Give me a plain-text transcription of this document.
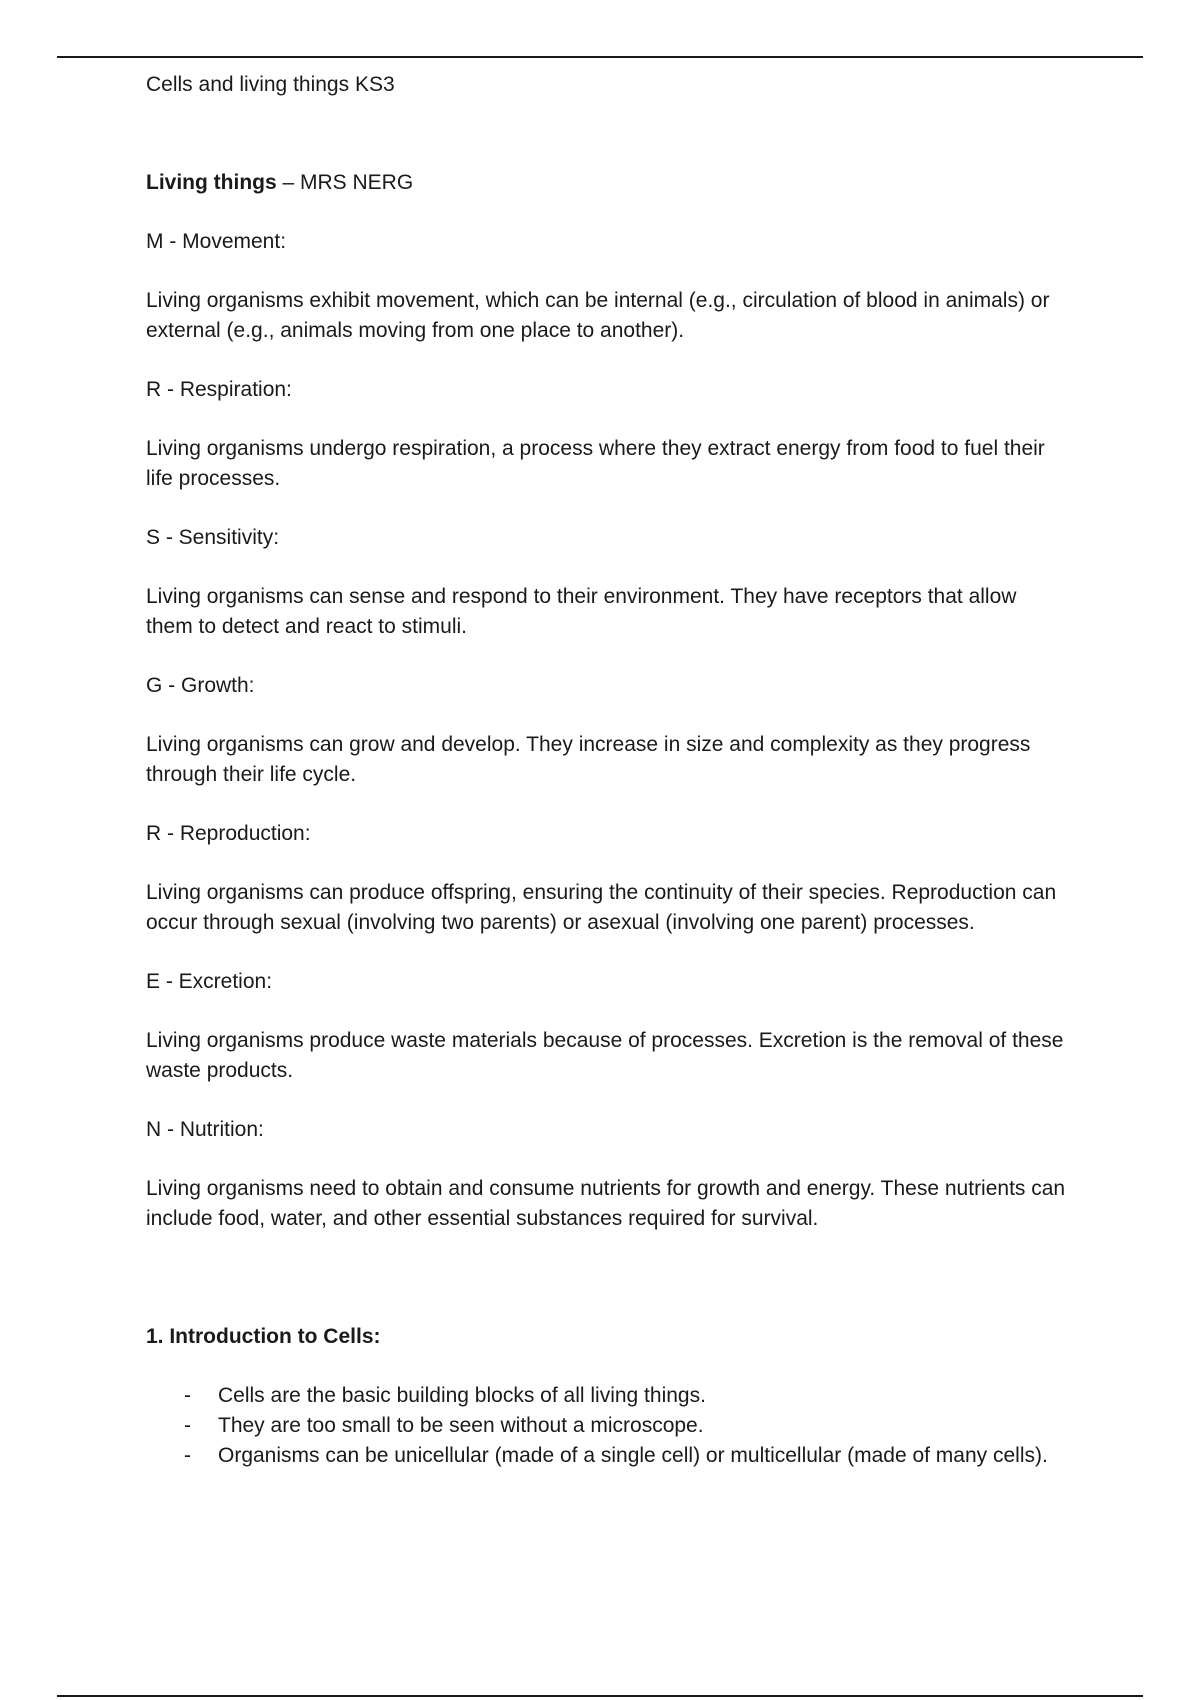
Cells and living things KS3

Living things – MRS NERG

M - Movement:

Living organisms exhibit movement, which can be internal (e.g., circulation of blood in animals) or external (e.g., animals moving from one place to another).

R - Respiration:

Living organisms undergo respiration, a process where they extract energy from food to fuel their life processes.

S - Sensitivity:

Living organisms can sense and respond to their environment. They have receptors that allow them to detect and react to stimuli.

G - Growth:

Living organisms can grow and develop. They increase in size and complexity as they progress through their life cycle.

R - Reproduction:

Living organisms can produce offspring, ensuring the continuity of their species. Reproduction can occur through sexual (involving two parents) or asexual (involving one parent) processes.

E - Excretion:

Living organisms produce waste materials because of processes. Excretion is the removal of these waste products.

N - Nutrition:

Living organisms need to obtain and consume nutrients for growth and energy. These nutrients can include food, water, and other essential substances required for survival.

1. Introduction to Cells:

- Cells are the basic building blocks of all living things.
- They are too small to be seen without a microscope.
- Organisms can be unicellular (made of a single cell) or multicellular (made of many cells).
